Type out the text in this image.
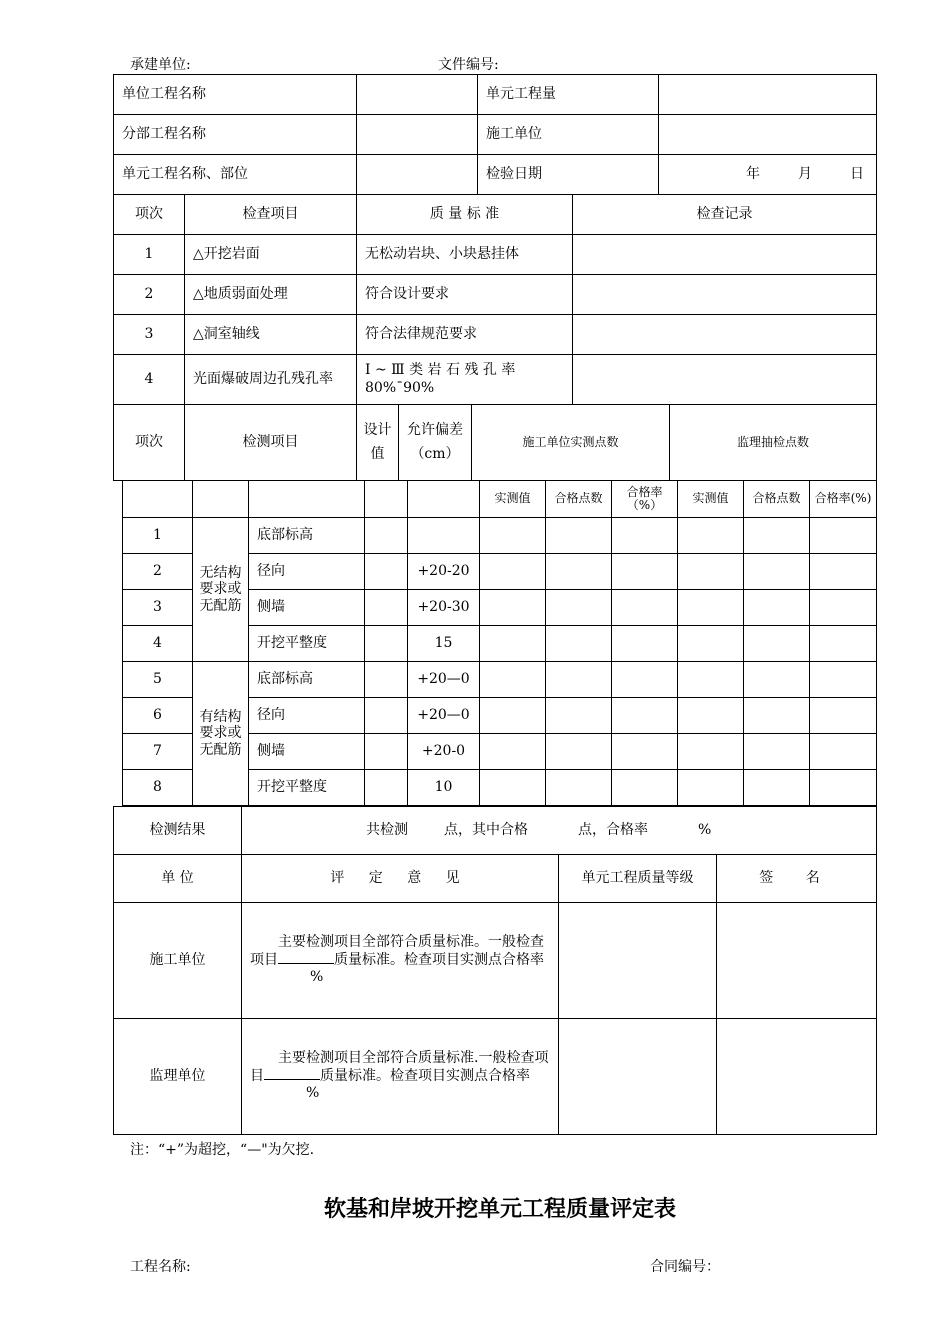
承建单位:	文件编号:
单位工程名称			单元工程量		

分部工程名称			施工单位		

单元工程名称、部位			检验日期		年 月 日

项次	检查项目	质 量 标 准		检查记录	
1	△开挖岩面	无松动岩块、小块悬挂体			
2	△地质弱面处理	符合设计要求			
3	△洞室轴线	符合法律规范要求			
4	光面爆破周边孔残孔率	Ⅰ ~ Ⅲ 类 岩 石 残 孔 率 80%¯90%			
项次	检测项目	设计值	允许偏差（cm）	施工单位实测点数	监理抽检点数
					实测值	合格点数	合格率（%）	实测值	合格点数	合格率(%)
1	无结构要求或无配筋	底部标高								
2		径向		+20-20						
3		侧墙		+20-30						
4		开挖平整度		15						
5	有结构要求或无配筋	底部标高		+20—0						
6		径向		+20—0						
7		侧墙		+20-0						
8		开挖平整度		10						
检测结果	共检测 点，其中合格 点，合格率 %		

单 位	评 定 意 见	单元工程质量等级	签 名
施工单位	主要检测项目全部符合质量标准。一般检查项目 质量标准。检查项目实测点合格率%		
监理单位	主要检测项目全部符合质量标准.一般检查项目 质量标准。检查项目实测点合格率%		
注：“+”为超挖，“—"为欠挖.
软基和岸坡开挖单元工程质量评定表
工程名称:	合同编号：
